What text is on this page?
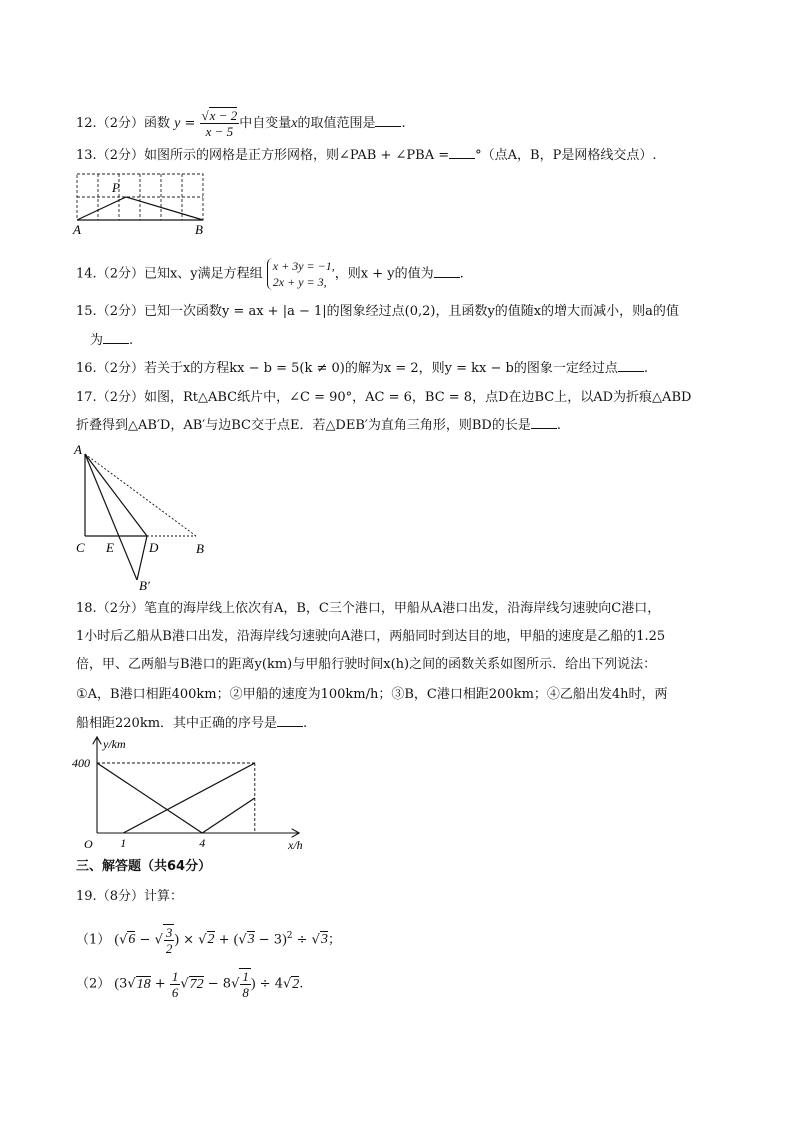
12.（2分）函数 $y = \frac{√x - 2}{x - 5}$ 中自变量x的取值范围是 .
13.（2分）如图所示的网格是正方形网格，则∠PAB + ∠PBA = °（点A，B，P是网格线交点）.
P
A	B
14.（2分）已知x、y满足方程组
x + 3y = −1,
2x + y = 3,
，则x + y的值为 .
15.（2分）已知一次函数y = ax + |a − 1|的图象经过点(0,2)，且函数y的值随x的增大而减小，则a的值
为 .
16.（2分）若关于x的方程kx − b = 5(k ≠ 0)的解为x = 2，则y = kx − b的图象一定经过点 .
17.（2分）如图，Rt△ABC纸片中，∠C = 90°，AC = 6，BC = 8，点D在边BC上，以AD为折痕△ABD
折叠得到△AB′D，AB′与边BC交于点E．若△DEB′为直角三角形，则BD的长是 .
A
C E	D	B
B′
18.（2分）笔直的海岸线上依次有A，B，C三个港口，甲船从A港口出发，沿海岸线匀速驶向C港口，
1小时后乙船从B港口出发，沿海岸线匀速驶向A港口，两船同时到达目的地，甲船的速度是乙船的1.25
倍，甲、乙两船与B港口的距离y(km)与甲船行驶时间x(h)之间的函数关系如图所示．给出下列说法：
①A，B港口相距400km；②甲船的速度为100km/h；③B，C港口相距200km；④乙船出发4h时，两
船相距220km．其中正确的序号是 .
y/km
x/h
O
400
1	4
三、解答题（共64分）
19.（8分）计算：
（1） (√6 − √ $\frac{3}{2}$ ) × $√2 + (√3 - 3)^2 \div √3$；
（2） ($3√18 + \frac{1}{6} √72 - 8√ \frac{1}{8}$ ) ÷ 4√2.
